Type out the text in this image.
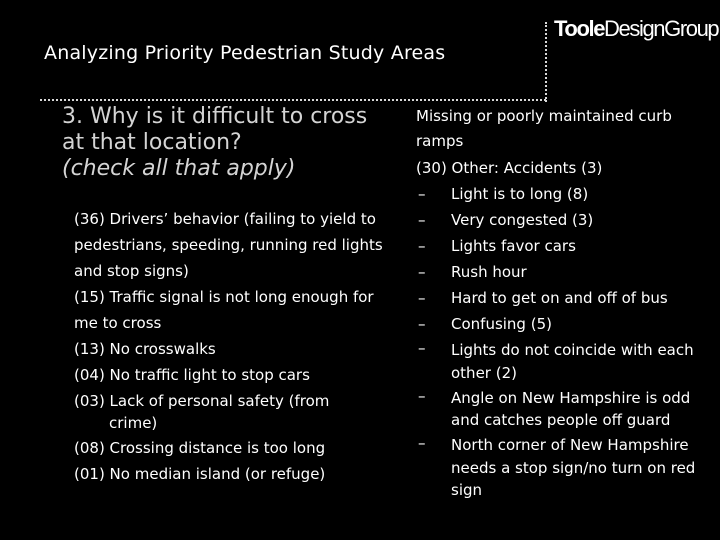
Analyzing Priority Pedestrian Study Areas
TooleDesignGroup
3. Why is it difficult to cross at that location?
(check all that apply)
(36) Drivers’ behavior (failing to yield to pedestrians, speeding, running red lights and stop signs)
(15) Traffic signal is not long enough for me to cross
(13) No crosswalks
(04) No traffic light to stop cars
(03) Lack of personal safety (from
crime)
(08) Crossing distance is too long
(01) No median island (or refuge)

Missing or poorly maintained curb ramps

(30) Other: Accidents (3)

– Light is to long (8)
– Very congested (3)
– Lights favor cars
– Rush hour
– Hard to get on and off of bus
– Confusing (5)
– Lights do not coincide with each other (2)
– Angle on New Hampshire is odd and catches people off guard
– North corner of New Hampshire needs a stop sign/no turn on red sign
